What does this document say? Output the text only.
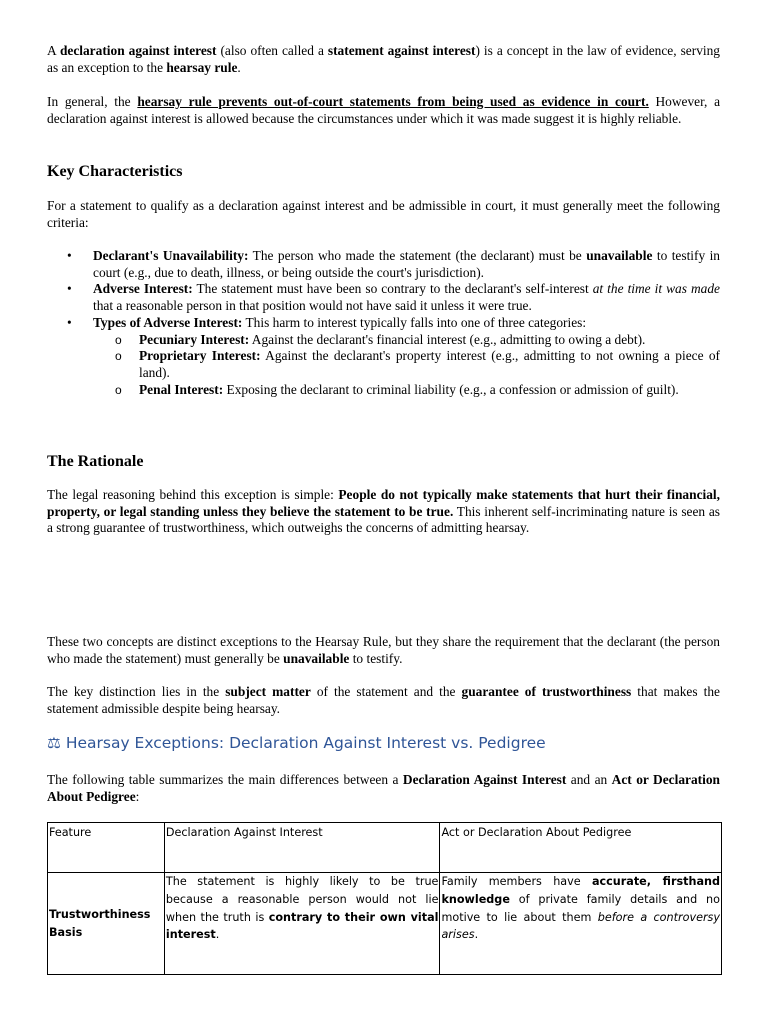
A declaration against interest (also often called a statement against interest) is a concept in the law of evidence, serving as an exception to the hearsay rule.

In general, the hearsay rule prevents out-of-court statements from being used as evidence in court. However, a declaration against interest is allowed because the circumstances under which it was made suggest it is highly reliable.

Key Characteristics

For a statement to qualify as a declaration against interest and be admissible in court, it must generally meet the following criteria:

• Declarant's Unavailability: The person who made the statement (the declarant) must be unavailable to testify in court (e.g., due to death, illness, or being outside the court's jurisdiction).
• Adverse Interest: The statement must have been so contrary to the declarant's self-interest at the time it was made that a reasonable person in that position would not have said it unless it were true.
• Types of Adverse Interest: This harm to interest typically falls into one of three categories:
o Pecuniary Interest: Against the declarant's financial interest (e.g., admitting to owing a debt).
o Proprietary Interest: Against the declarant's property interest (e.g., admitting to not owning a piece of land).
o Penal Interest: Exposing the declarant to criminal liability (e.g., a confession or admission of guilt).
The Rationale

The legal reasoning behind this exception is simple: People do not typically make statements that hurt their financial, property, or legal standing unless they believe the statement to be true. This inherent self-incriminating nature is seen as a strong guarantee of trustworthiness, which outweighs the concerns of admitting hearsay.

These two concepts are distinct exceptions to the Hearsay Rule, but they share the requirement that the declarant (the person who made the statement) must generally be unavailable to testify.

The key distinction lies in the subject matter of the statement and the guarantee of trustworthiness that makes the statement admissible despite being hearsay.

⚖ Hearsay Exceptions: Declaration Against Interest vs. Pedigree

The following table summarizes the main differences between a Declaration Against Interest and an Act or Declaration About Pedigree:

Feature	Declaration Against Interest	Act or Declaration About Pedigree
Trustworthiness Basis	The statement is highly likely to be true because a reasonable person would not lie when the truth is contrary to their own vital interest.	Family members have accurate, firsthand knowledge of private family details and no motive to lie about them before a controversy arises.
